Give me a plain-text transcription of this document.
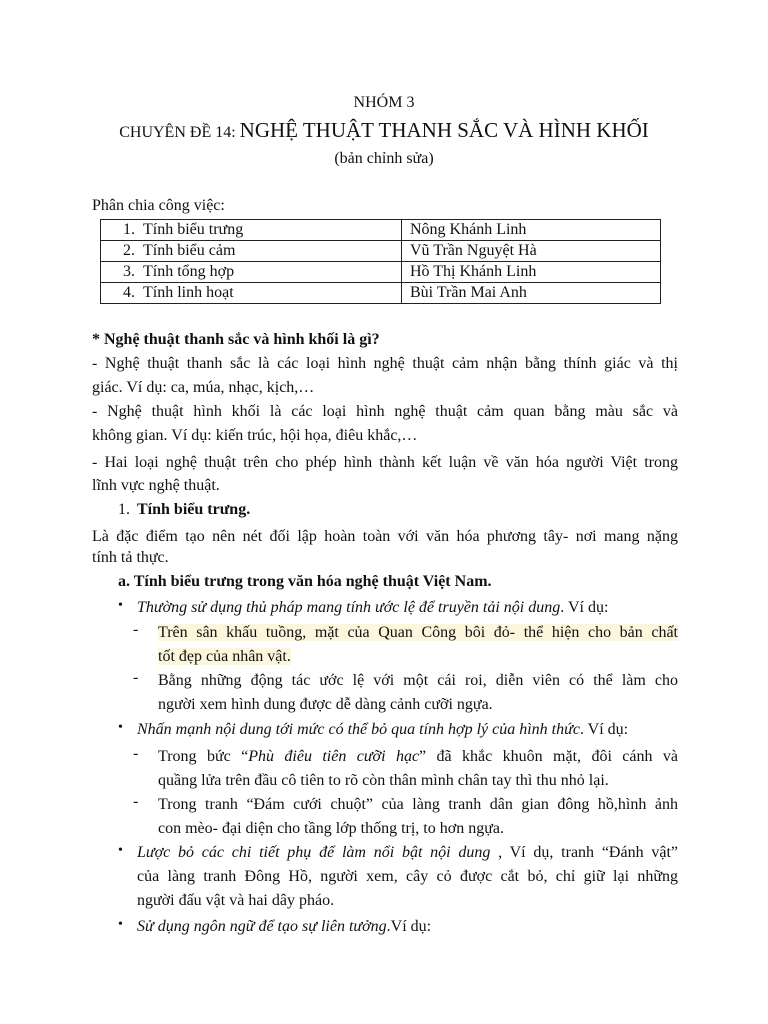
NHÓM 3
CHUYÊN ĐỀ 14: NGHỆ THUẬT THANH SẮC VÀ HÌNH KHỐI
(bản chỉnh sửa)
Phân chia công việc:
1. Tính biểu trưng	Nông Khánh Linh
2. Tính biểu cảm	Vũ Trần Nguyệt Hà
3. Tính tổng hợp	Hồ Thị Khánh Linh
4. Tính linh hoạt	Bùi Trần Mai Anh
* Nghệ thuật thanh sắc và hình khối là gì?
- Nghệ thuật thanh sắc là các loại hình nghệ thuật cảm nhận bằng thính giác và thị
giác. Ví dụ: ca, múa, nhạc, kịch,…
- Nghệ thuật hình khối là các loại hình nghệ thuật cảm quan bằng màu sắc và
không gian. Ví dụ: kiến trúc, hội họa, điêu khắc,…
- Hai loại nghệ thuật trên cho phép hình thành kết luận về văn hóa người Việt trong
lĩnh vực nghệ thuật.
1. Tính biểu trưng.
Là đặc điểm tạo nên nét đối lập hoàn toàn với văn hóa phương tây- nơi mang nặng
tính tả thực.
a. Tính biểu trưng trong văn hóa nghệ thuật Việt Nam.
• Thường sử dụng thủ pháp mang tính ước lệ để truyền tải nội dung. Ví dụ:
- Trên sân khấu tuồng, mặt của Quan Công bôi đỏ- thể hiện cho bản chất
tốt đẹp của nhân vật.
- Bằng những động tác ước lệ với một cái roi, diễn viên có thể làm cho
người xem hình dung được dễ dàng cảnh cưỡi ngựa.
• Nhấn mạnh nội dung tới mức có thể bỏ qua tính hợp lý của hình thức. Ví dụ:
- Trong bức “Phù điêu tiên cưỡi hạc” đã khắc khuôn mặt, đôi cánh và
quầng lửa trên đầu cô tiên to rõ còn thân mình chân tay thì thu nhỏ lại.
- Trong tranh “Đám cưới chuột” của làng tranh dân gian đông hồ,hình ảnh
con mèo- đại diện cho tầng lớp thống trị, to hơn ngựa.
• Lược bỏ các chi tiết phụ để làm nổi bật nội dung , Ví dụ, tranh “Đánh vật”
của làng tranh Đông Hồ, người xem, cây cỏ được cắt bỏ, chỉ giữ lại những
người đấu vật và hai dây pháo.
• Sử dụng ngôn ngữ để tạo sự liên tưởng.Ví dụ:
